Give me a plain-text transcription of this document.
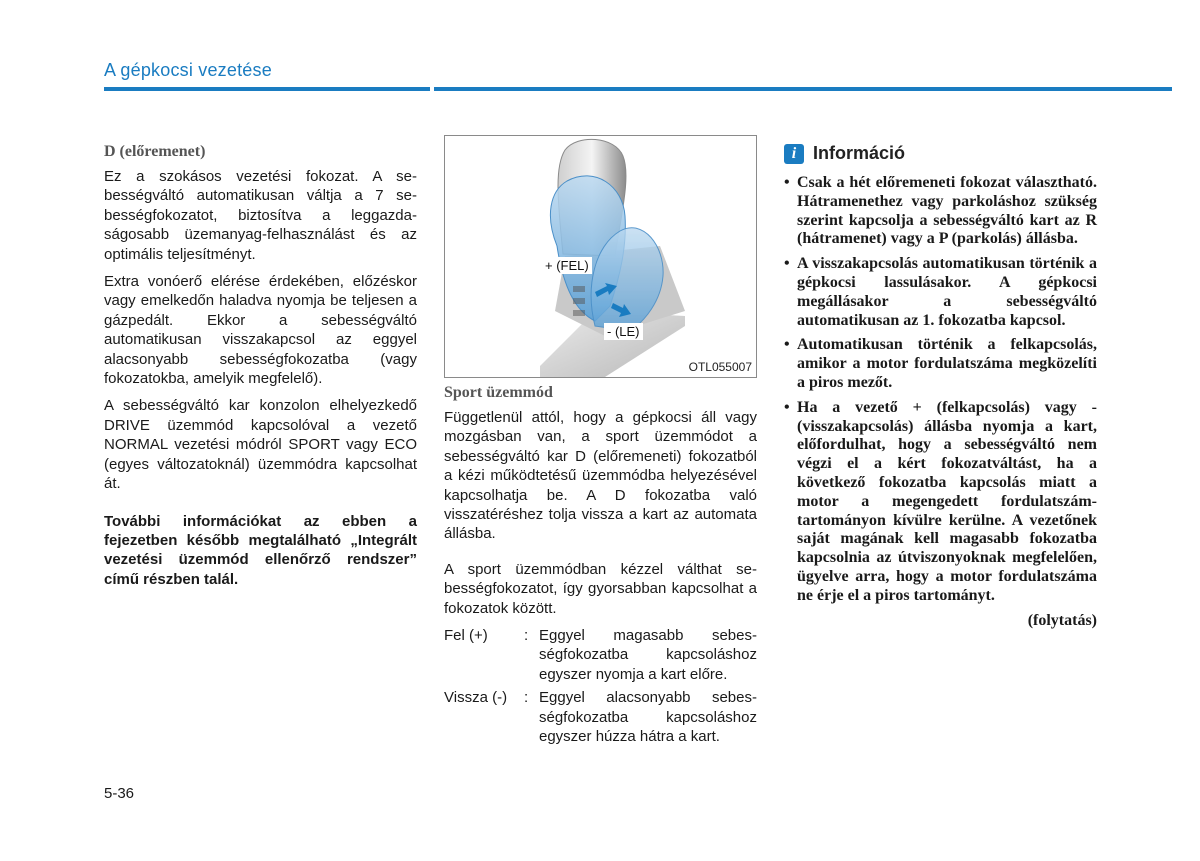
A gépkocsi vezetése
D (előremenet)

Ez a szokásos vezetési fokozat. A sebességváltó automatikusan váltja a 7 sebességfokozatot, biztosítva a leggazdaságosabb üzemanyag-felhasználást és az optimális teljesítményt.

Extra vonóerő elérése érdekében, előzéskor vagy emelkedőn haladva nyomja be teljesen a gázpedált. Ekkor a sebességváltó automatikusan visszakapcsol az eggyel alacsonyabb sebességfokozatba (vagy fokozatokba, amelyik megfelelő).

A sebességváltó kar konzolon elhelyezkedő DRIVE üzemmód kapcsolóval a vezető NORMAL vezetési módról SPORT vagy ECO (egyes változatoknál) üzemmódra kapcsolhat át.

További információkat az ebben a fejezetben később megtalálható „Integrált vezetési üzemmód ellenőrző rendszer” című részben talál.

+ (FEL)
- (LE)
OTL055007
Sport üzemmód

Függetlenül attól, hogy a gépkocsi áll vagy mozgásban van, a sport üzemmódot a sebességváltó kar D (előremeneti) fokozatból a kézi működtetésű üzemmódba helyezésével kapcsolhatja be. A D fokozatba való visszatéréshez tolja vissza a kart az automata állásba.

A sport üzemmódban kézzel válthat sebességfokozatot, így gyorsabban kapcsolhat a fokozatok között.

Fel (+)	: Eggyel magasabb sebességfokozatba kapcsoláshoz egyszer nyomja a kart előre.
Vissza (-)	: Eggyel alacsonyabb sebességfokozatba kapcsoláshoz egyszer húzza hátra a kart.
i Információ
• Csak a hét előremeneti fokozat választható. Hátramenethez vagy parkoláshoz szükség szerint kapcsolja a sebességváltó kart az R (hátramenet) vagy a P (parkolás) állásba.
• A visszakapcsolás automatikusan történik a gépkocsi lassulásakor. A gépkocsi megállásakor a sebességváltó automatikusan az 1. fokozatba kapcsol.
• Automatikusan történik a felkapcsolás, amikor a motor fordulatszáma megközelíti a piros mezőt.
• Ha a vezető + (felkapcsolás) vagy - (visszakapcsolás) állásba nyomja a kart, előfordulhat, hogy a sebességváltó nem végzi el a kért fokozatváltást, ha a következő fokozatba kapcsolás miatt a motor a megengedett fordulatszám-tartományon kívülre kerülne. A vezetőnek saját magának kell magasabb fokozatba kapcsolnia az útviszonyoknak megfelelően, ügyelve arra, hogy a motor fordulatszáma ne érje el a piros tartományt.
(folytatás)
5-36
